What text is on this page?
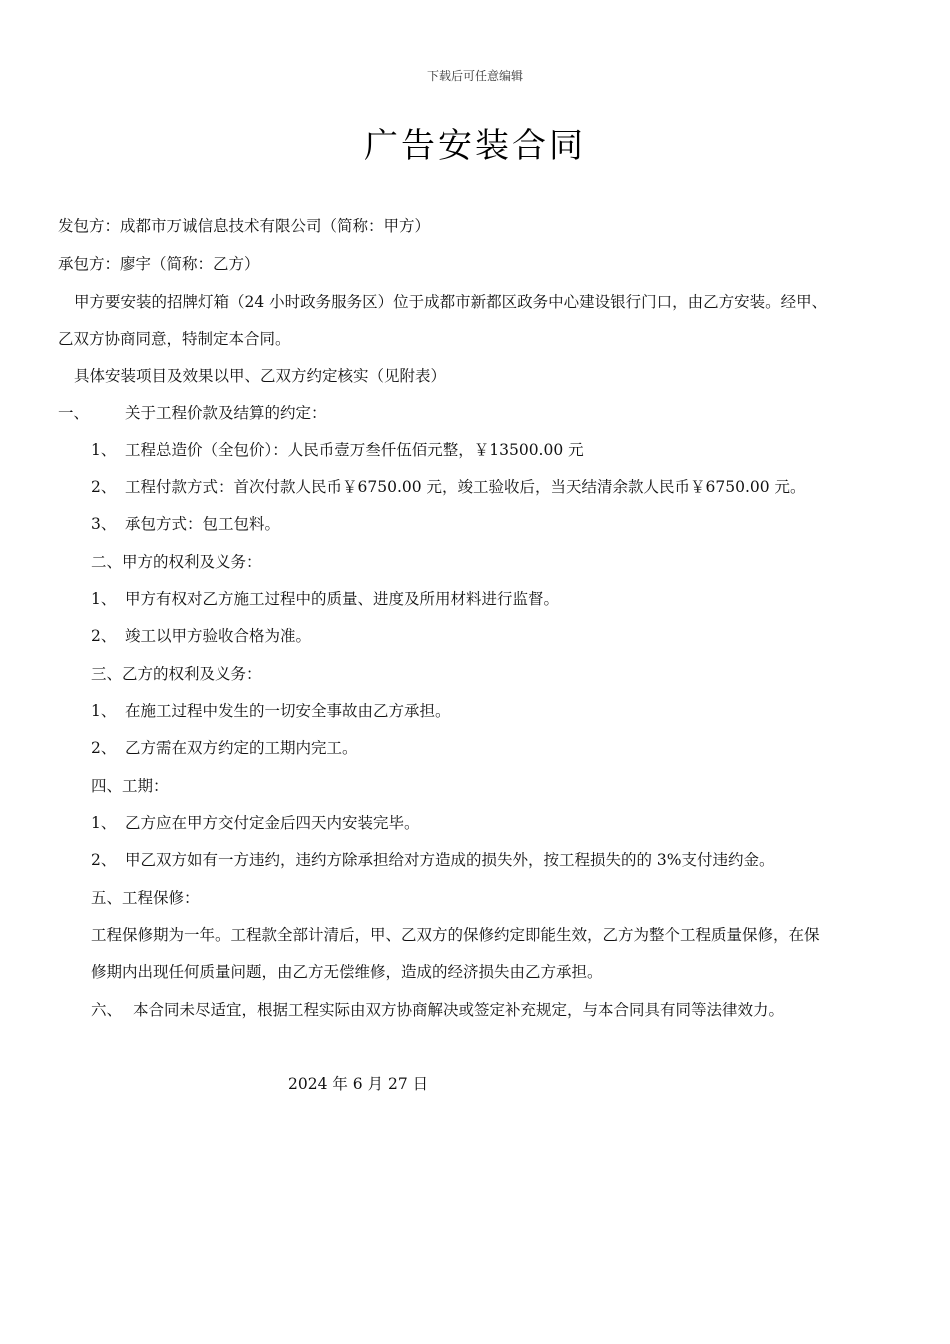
下载后可任意编辑
广告安装合同
发包方：成都市万诚信息技术有限公司（简称：甲方）
承包方：廖宇（简称：乙方）
甲方要安装的招牌灯箱（24 小时政务服务区）位于成都市新都区政务中心建设银行门口，由乙方安装。经甲、
乙双方协商同意，特制定本合同。
具体安装项目及效果以甲、乙双方约定核实（见附表）
一、 关于工程价款及结算的约定：
1、 工程总造价（全包价）：人民币壹万叁仟伍佰元整，￥13500.00 元
2、 工程付款方式：首次付款人民币￥6750.00 元，竣工验收后，当天结清余款人民币￥6750.00 元。
3、 承包方式：包工包料。
二、甲方的权利及义务：
1、 甲方有权对乙方施工过程中的质量、进度及所用材料进行监督。
2、 竣工以甲方验收合格为准。
三、乙方的权利及义务：
1、 在施工过程中发生的一切安全事故由乙方承担。
2、 乙方需在双方约定的工期内完工。
四、工期：
1、 乙方应在甲方交付定金后四天内安装完毕。
2、 甲乙双方如有一方违约，违约方除承担给对方造成的损失外，按工程损失的的 3%支付违约金。
五、工程保修：
工程保修期为一年。工程款全部计清后，甲、乙双方的保修约定即能生效，乙方为整个工程质量保修，在保
修期内出现任何质量问题，由乙方无偿维修，造成的经济损失由乙方承担。
六、 本合同未尽适宜，根据工程实际由双方协商解决或签定补充规定，与本合同具有同等法律效力。
2024 年 6 月 27 日
